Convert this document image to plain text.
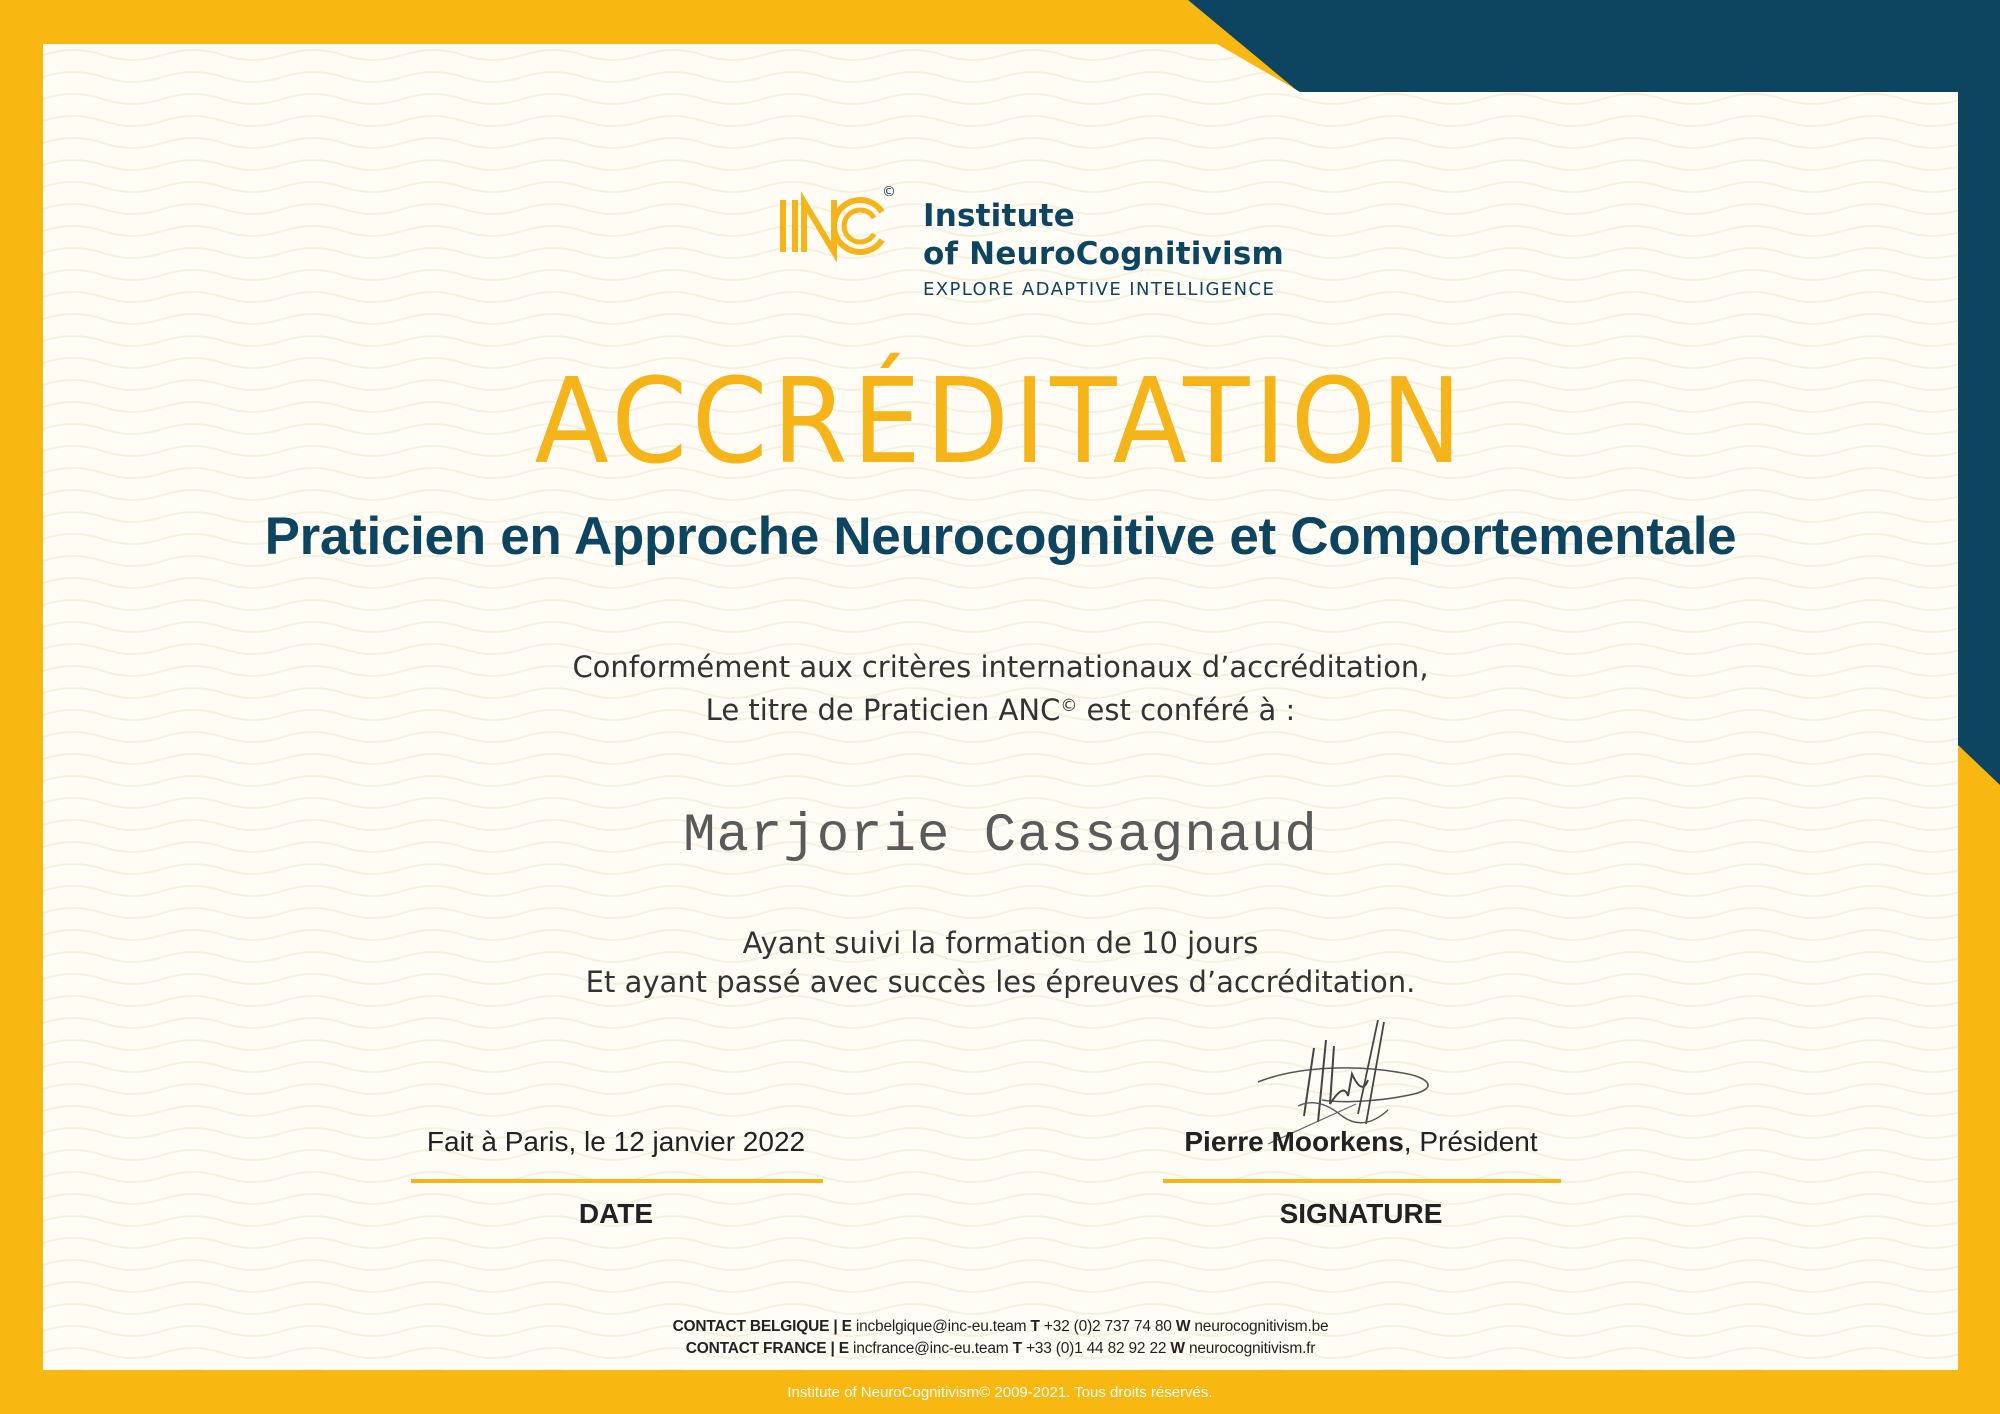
©
Institute
of NeuroCognitivism
EXPLORE ADAPTIVE INTELLIGENCE
ACCRÉDITATION
Praticien en Approche Neurocognitive et Comportementale
Conformément aux critères internationaux d’accréditation,
Le titre de Praticien ANC© est conféré à :
Marjorie Cassagnaud
Ayant suivi la formation de 10 jours
Et ayant passé avec succès les épreuves d’accréditation.
Fait à Paris, le 12 janvier 2022	Pierre Moorkens, Président
DATE	SIGNATURE
CONTACT BELGIQUE | E incbelgique@inc-eu.team T +32 (0)2 737 74 80 W neurocognitivism.be
CONTACT FRANCE | E incfrance@inc-eu.team T +33 (0)1 44 82 92 22 W neurocognitivism.fr
Institute of NeuroCognitivism© 2009-2021. Tous droits réservés.
